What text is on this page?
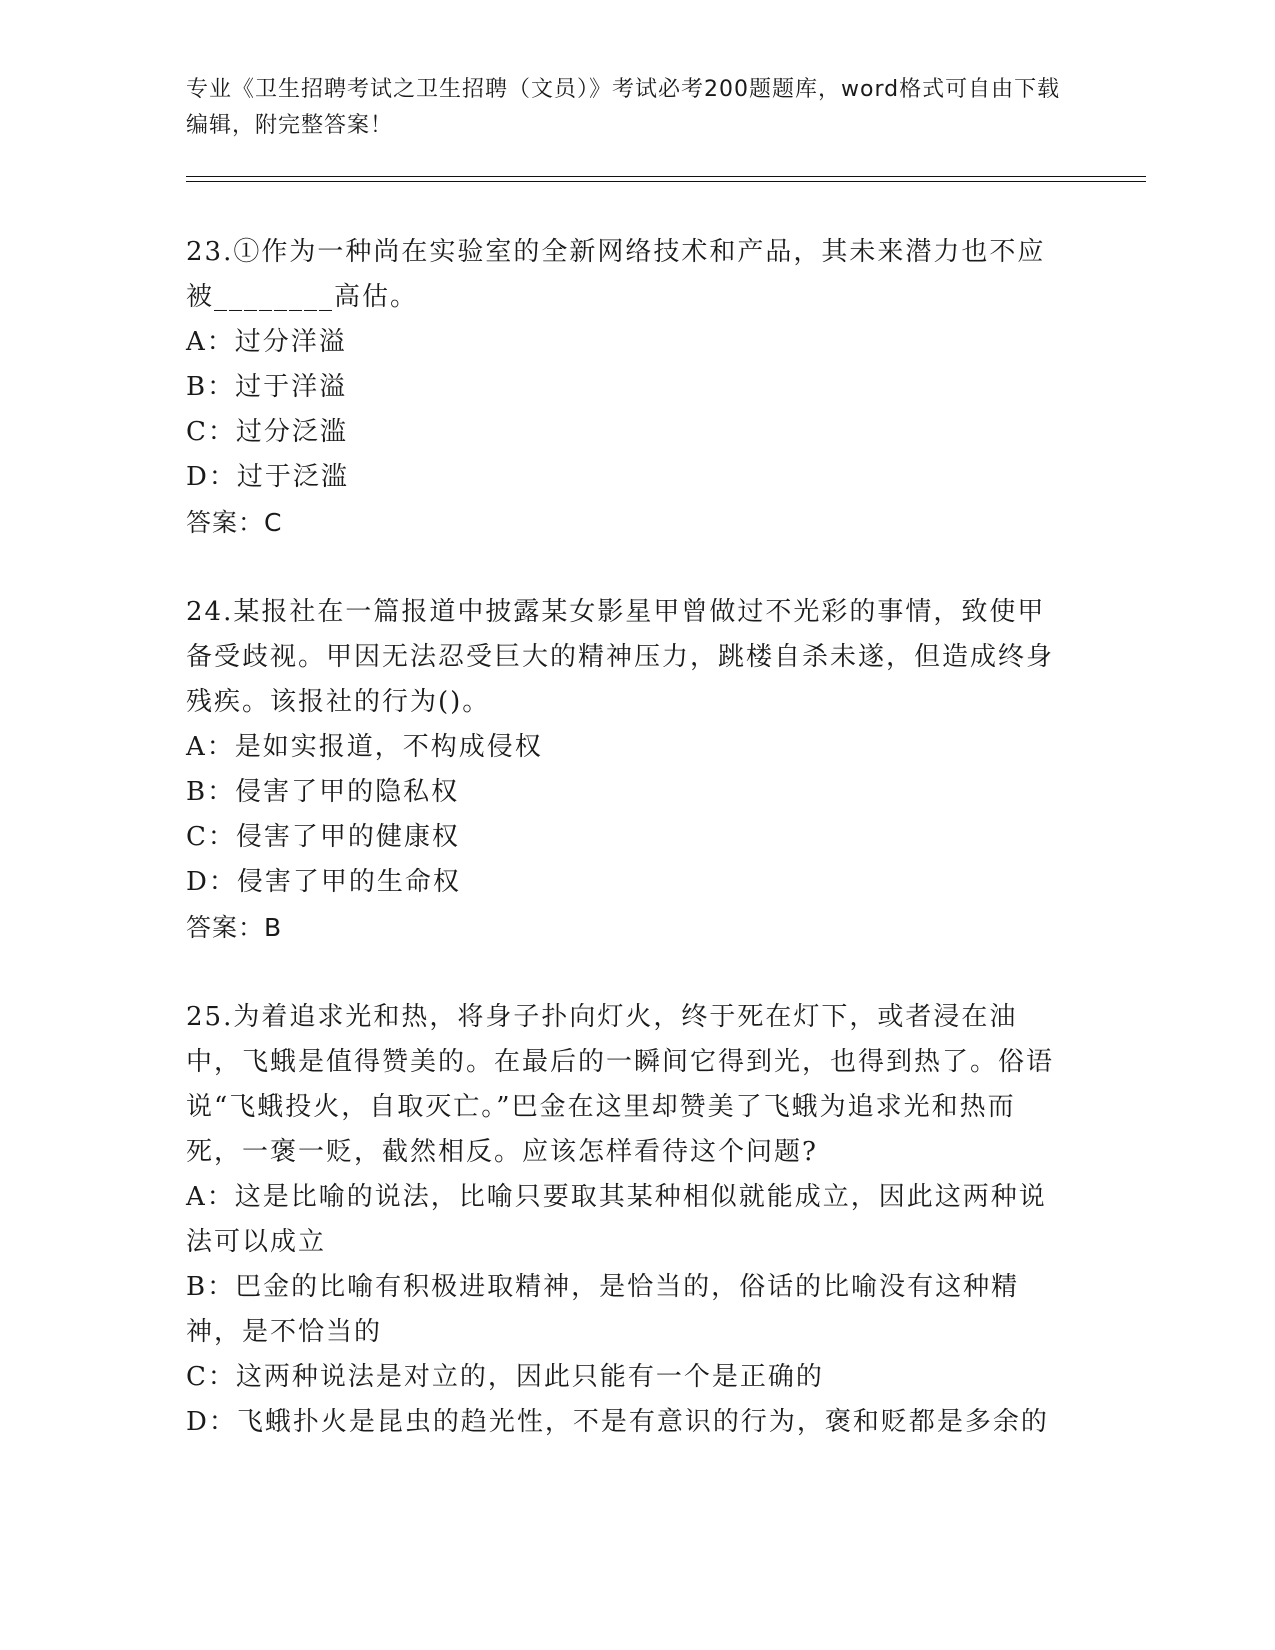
专业《卫生招聘考试之卫生招聘（文员）》考试必考200题题库，word格式可自由下载编辑，附完整答案！
23.①作为一种尚在实验室的全新网络技术和产品，其未来潜力也不应被________高估。
A：过分洋溢
B：过于洋溢
C：过分泛滥
D：过于泛滥
答案：C
24.某报社在一篇报道中披露某女影星甲曾做过不光彩的事情，致使甲备受歧视。甲因无法忍受巨大的精神压力，跳楼自杀未遂，但造成终身残疾。该报社的行为()。
A：是如实报道，不构成侵权
B：侵害了甲的隐私权
C：侵害了甲的健康权
D：侵害了甲的生命权
答案：B
25.为着追求光和热，将身子扑向灯火，终于死在灯下，或者浸在油中，飞蛾是值得赞美的。在最后的一瞬间它得到光，也得到热了。俗语说“飞蛾投火，自取灭亡。”巴金在这里却赞美了飞蛾为追求光和热而死，一褒一贬，截然相反。应该怎样看待这个问题?
A：这是比喻的说法，比喻只要取其某种相似就能成立，因此这两种说法可以成立
B：巴金的比喻有积极进取精神，是恰当的，俗话的比喻没有这种精神，是不恰当的
C：这两种说法是对立的，因此只能有一个是正确的
D：飞蛾扑火是昆虫的趋光性，不是有意识的行为，褒和贬都是多余的
